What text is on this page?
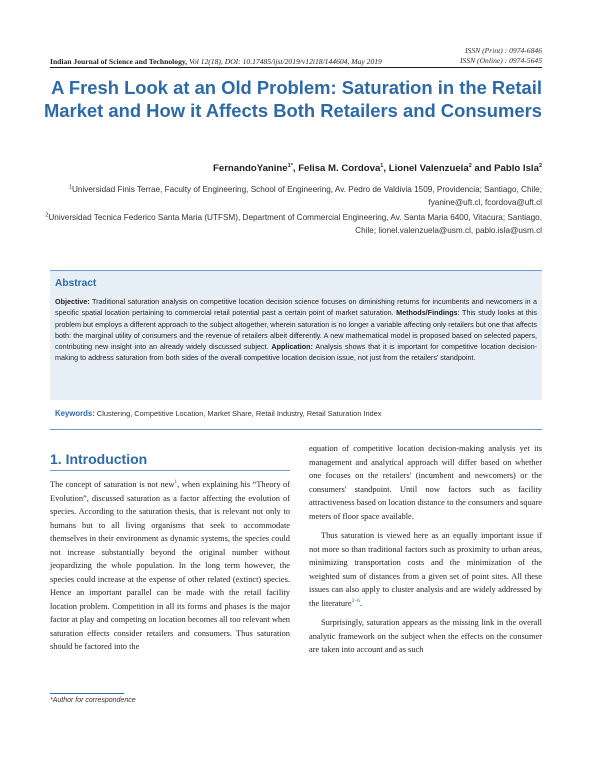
ISSN (Print) : 0974-6846
ISSN (Online) : 0974-5645
Indian Journal of Science and Technology, Vol 12(18), DOI: 10.17485/ijst/2019/v12i18/144604, May 2019
A Fresh Look at an Old Problem: Saturation in the Retail Market and How it Affects Both Retailers and Consumers
FernandoYanine$^{1*}$, Felisa M. Cordova$^1$, Lionel Valenzuela$^2$ and Pablo Isla$^2$
$^1$Universidad Finis Terrae, Faculty of Engineering, School of Engineering, Av. Pedro de Valdivia 1509, Providencia; Santiago, Chile; fyanine@uft.cl, fcordova@uft.cl
$^2$Universidad Tecnica Federico Santa Maria (UTFSM), Department of Commercial Engineering, Av. Santa Maria 6400, Vitacura; Santiago, Chile; lionel.valenzuela@usm.cl, pablo.isla@usm.cl
Abstract
Objective: Traditional saturation analysis on competitive location decision science focuses on diminishing returns for incumbents and newcomers in a specific spatial location pertaining to commercial retail potential past a certain point of market saturation. Methods/Findings: This study looks at this problem but employs a different approach to the subject altogether, wherein saturation is no longer a variable affecting only retailers but one that affects both: the marginal utility of consumers and the revenue of retailers albeit differently. A new mathematical model is proposed based on selected papers, contributing new insight into an already widely discussed subject. Application: Analysis shows that it is important for competitive location decision-making to address saturation from both sides of the overall competitive location decision issue, not just from the retailers' standpoint.
Keywords: Clustering, Competitive Location, Market Share, Retail Industry, Retail Saturation Index
1. Introduction

The concept of saturation is not new$^1$, when explaining his “Theory of Evolution”, discussed saturation as a factor affecting the evolution of species. According to the saturation thesis, that is relevant not only to humans but to all living organisms that seek to accommodate themselves in their environment as dynamic systems, the species could not increase substantially beyond the original number without jeopardizing the whole population. In the long term however, the species could increase at the expense of other related (extinct) species. Hence an important parallel can be made with the retail facility location problem. Competition in all its forms and phases is the major factor at play and competing on location becomes all too relevant when saturation effects consider retailers and consumers. Thus saturation should be factored into the

equation of competitive location decision-making analysis yet its management and analytical approach will differ based on whether one focuses on the retailers' (incumbent and newcomers) or the consumers' standpoint. Until now factors such as facility attractiveness based on location distance to the consumers and square meters of floor space available.

Thus saturation is viewed here as an equally important issue if not more so than traditional factors such as proximity to urban areas, minimizing transportation costs and the minimization of the weighted sum of distances from a given set of point sites. All these issues can also apply to cluster analysis and are widely addressed by the literature$^{2-6}$.

Surprisingly, saturation appears as the missing link in the overall analytic framework on the subject when the effects on the consumer are taken into account and as such

*Author for correspondence
